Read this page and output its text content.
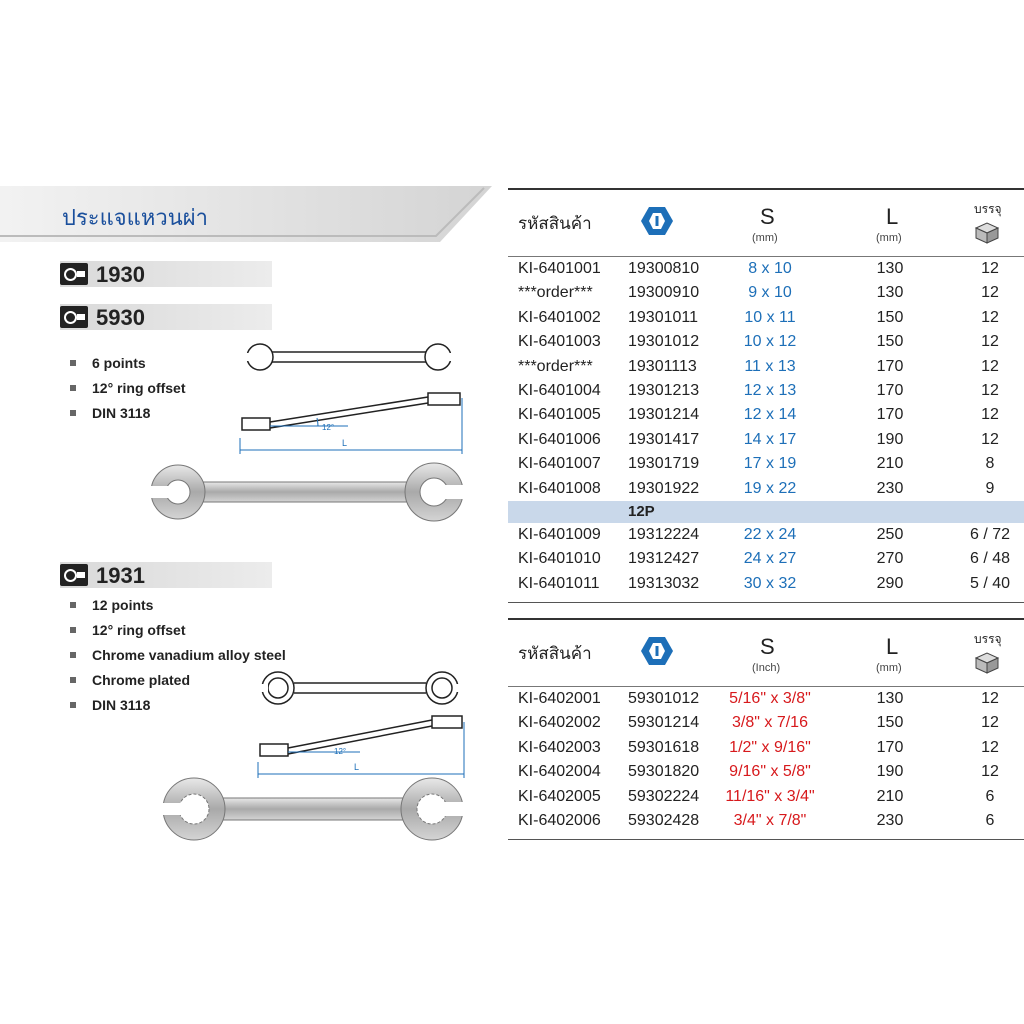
ประแจแหวนผ่า
1930
5930
6 points
12° ring offset
DIN 3118
12°
L
1931
12 points
12° ring offset
Chrome vanadium alloy steel
Chrome plated
DIN 3118
12°
L
รหัสสินค้า	S
(mm)
L
(mm)
บรรจุ
KI-6401001 19300810	8 x 10	130	12
***order*** 19300910	9 x 10	130	12
KI-6401002 19301011	10 x 11	150	12
KI-6401003 19301012	10 x 12	150	12
***order*** 19301113	11 x 13	170	12
KI-6401004 19301213	12 x 13	170	12
KI-6401005 19301214	12 x 14	170	12
KI-6401006 19301417	14 x 17	190	12
KI-6401007 19301719	17 x 19	210	8
KI-6401008 19301922	19 x 22	230	9
12P
KI-6401009 19312224	22 x 24	250	6 / 72
KI-6401010 19312427	24 x 27	270	6 / 48
KI-6401011 19313032	30 x 32	290	5 / 40
รหัสสินค้า	S
(Inch)
L
(mm)
บรรจุ
KI-6402001 59301012	5/16" x 3/8"	130	12
KI-6402002 59301214	3/8" x 7/16	150	12
KI-6402003 59301618	1/2" x 9/16"	170	12
KI-6402004 59301820	9/16" x 5/8"	190	12
KI-6402005 59302224	11/16" x 3/4"	210	6
KI-6402006 59302428	3/4" x 7/8"	230	6
